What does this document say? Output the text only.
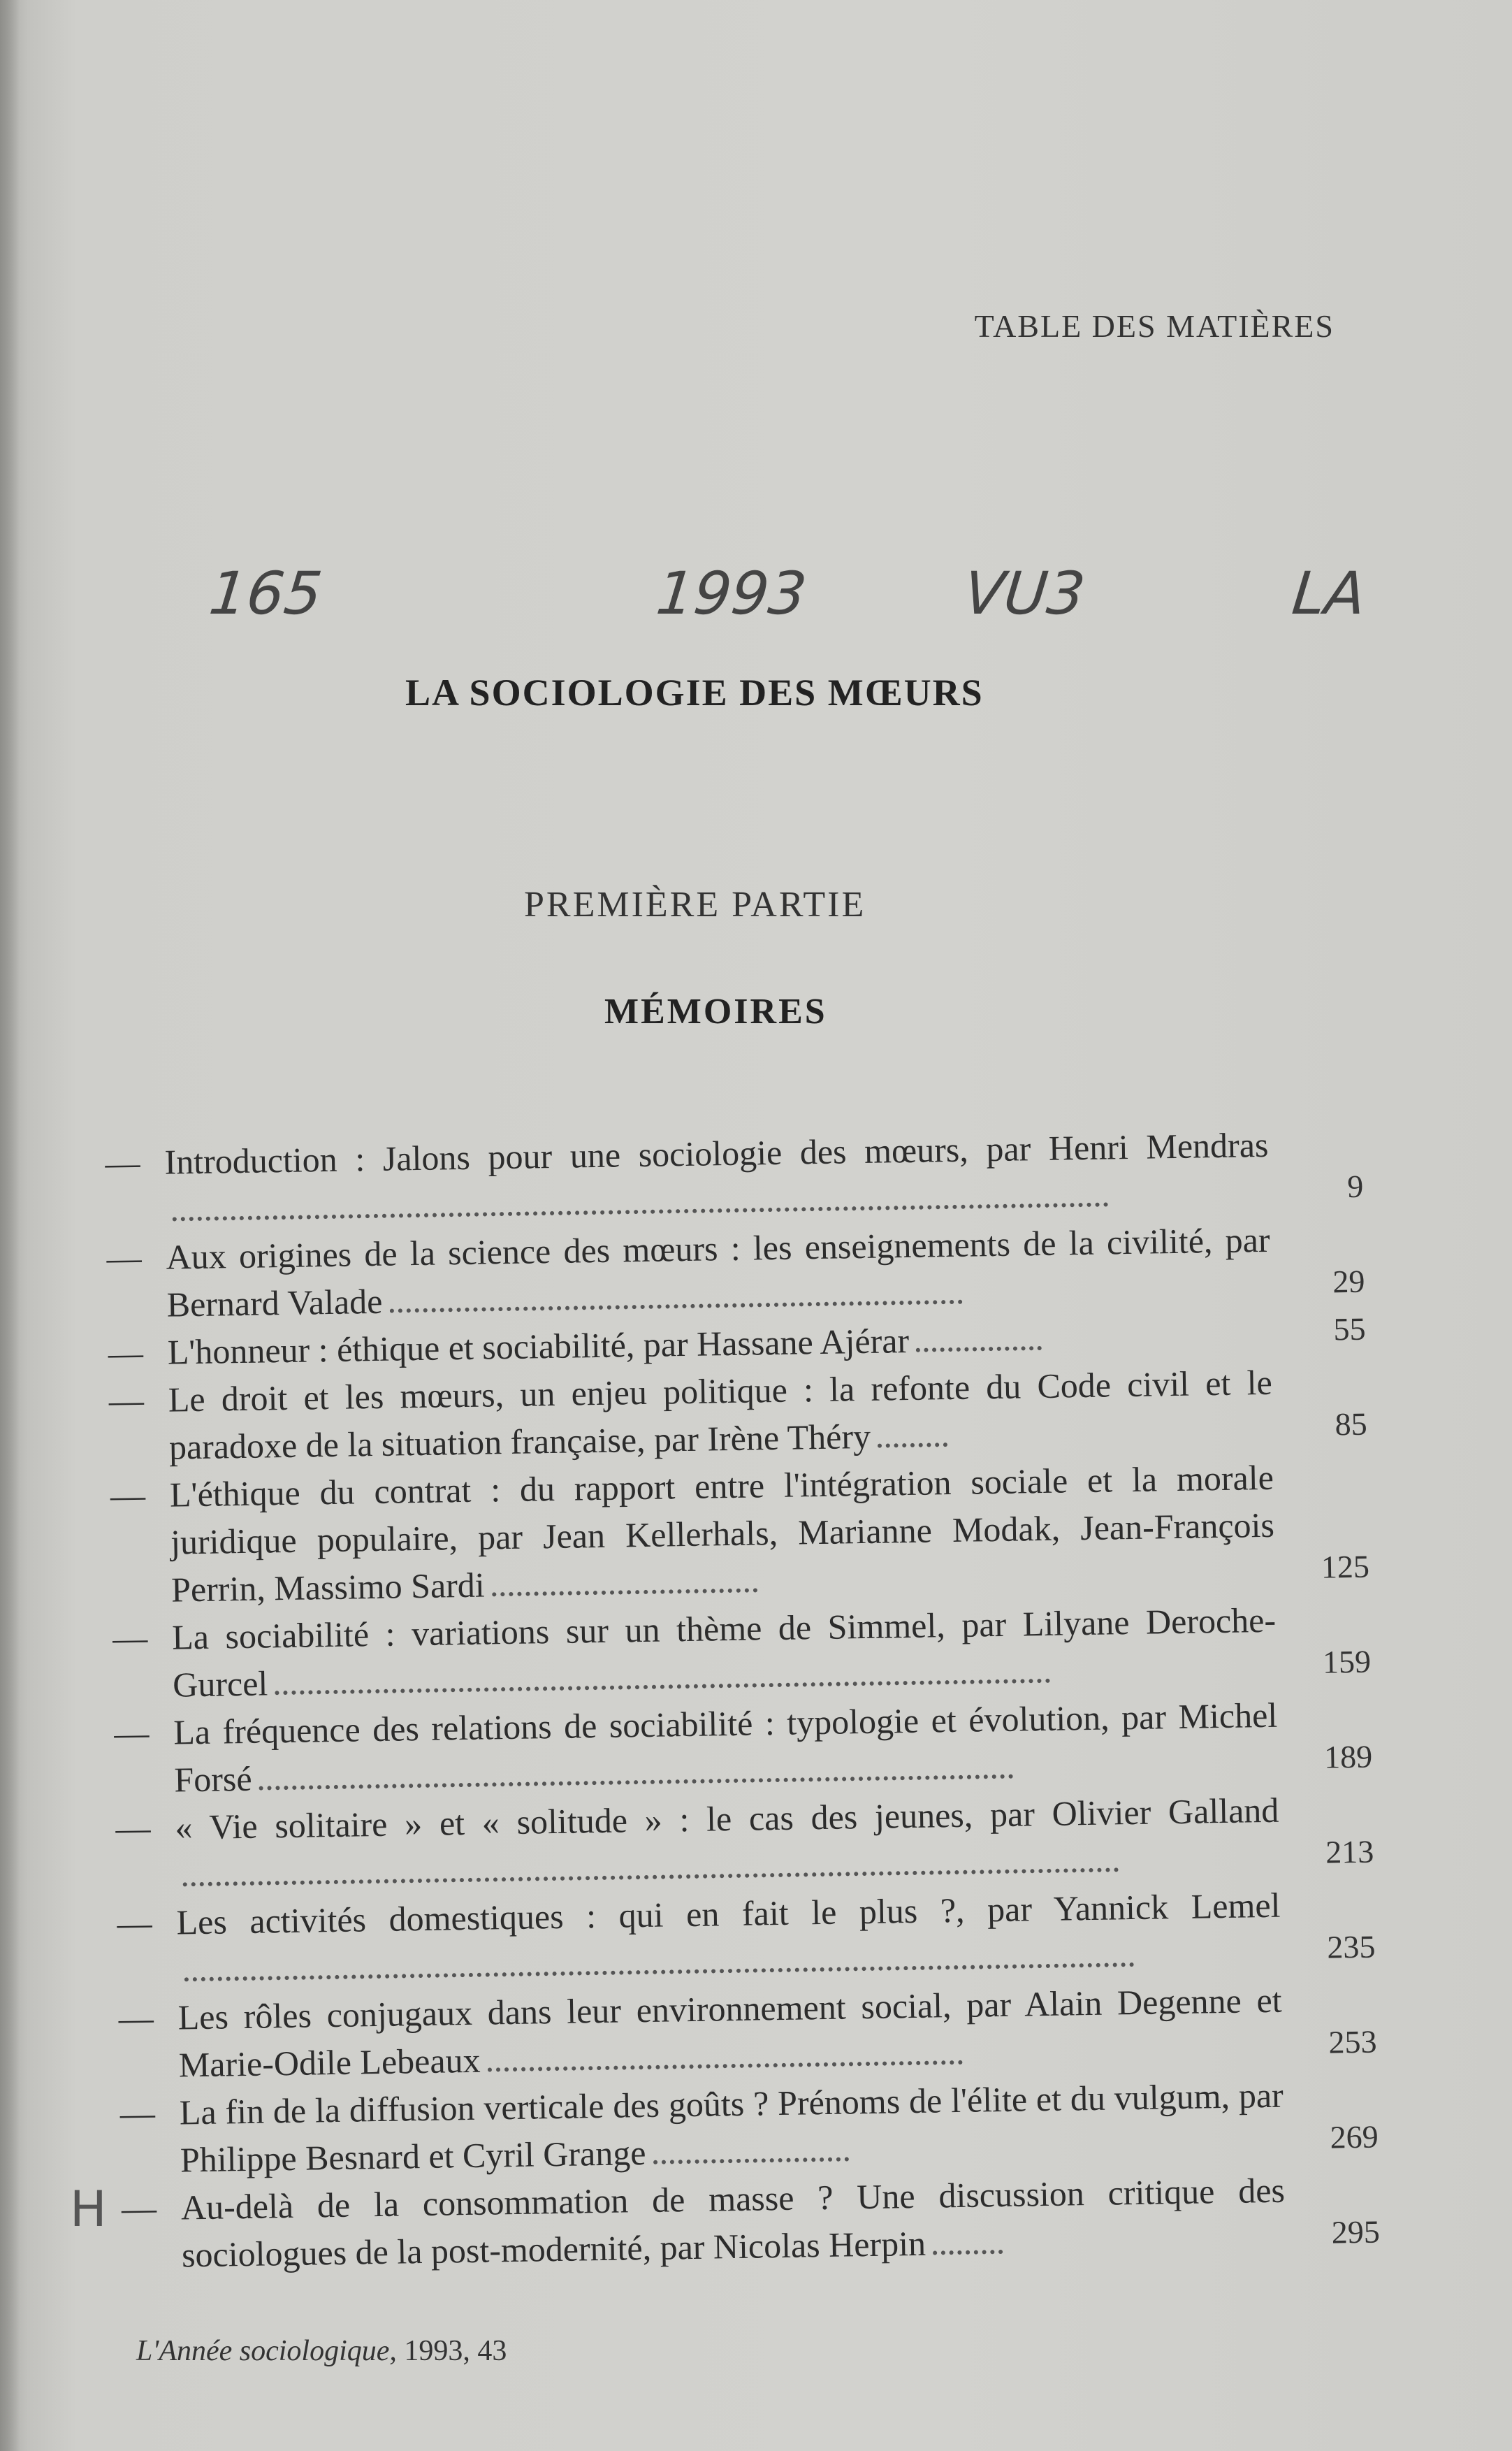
TABLE DES MATIÈRES
165	1993	VU3	LA
H
LA SOCIOLOGIE DES MŒURS
PREMIÈRE PARTIE
MÉMOIRES
— Introduction : Jalons pour une sociologie des mœurs, par Henri Mendras
9
— Aux origines de la science des mœurs : les enseignements de la civilité, par Bernard Valade
29
— L'honneur : éthique et sociabilité, par Hassane Ajérar	55
— Le droit et les mœurs, un enjeu politique : la refonte du Code civil et le paradoxe de la situation française, par Irène Théry	85
— L'éthique du contrat : du rapport entre l'intégration sociale et la morale juridique populaire, par Jean Kellerhals, Marianne Modak, Jean-François Perrin, Massimo Sardi	125
— La sociabilité : variations sur un thème de Simmel, par Lilyane Deroche-Gurcel
159
— La fréquence des relations de sociabilité : typologie et évolution, par Michel Forsé
189
— « Vie solitaire » et « solitude » : le cas des jeunes, par Olivier Galland
213
— Les activités domestiques : qui en fait le plus ?, par Yannick Lemel
235
— Les rôles conjugaux dans leur environnement social, par Alain Degenne et Marie-Odile Lebeaux	253
— La fin de la diffusion verticale des goûts ? Prénoms de l'élite et du vulgum, par Philippe Besnard et Cyril Grange	269
— Au-delà de la consommation de masse ? Une discussion critique des sociologues de la post-modernité, par Nicolas Herpin	295
L'Année sociologique, 1993, 43
